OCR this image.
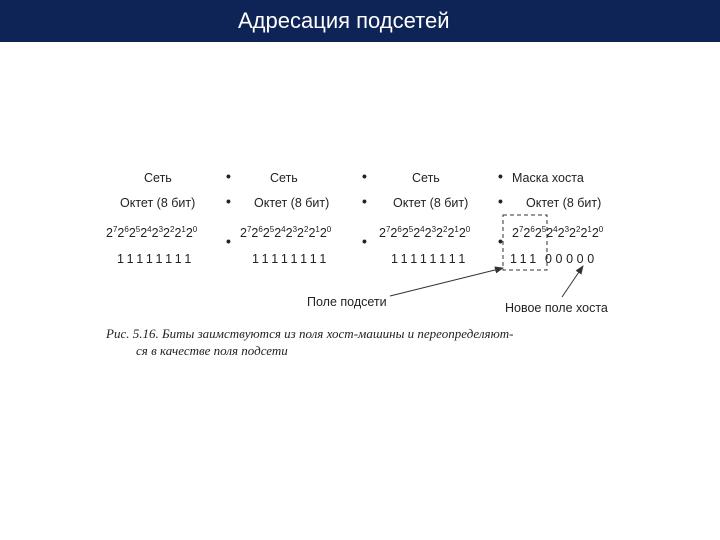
Адресация подсетей
Сеть
Октет (8 бит)
$2^72^62^52^42^32^22^12^0$
11111111
Сеть
Октет (8 бит)
$2^72^62^52^42^32^22^12^0$
11111111
Сеть
Октет (8 бит)
$2^72^62^52^42^32^22^12^0$
11111111
Маска хоста
Октет (8 бит)
$2^72^62^52^42^32^22^12^0$
111 00000
•
•
•
•
•
•
•
•
•
Поле подсети	Новое поле хоста
Рис. 5.16. Биты заимствуются из поля хост-машины и переопределяют-
ся в качестве поля подсети
